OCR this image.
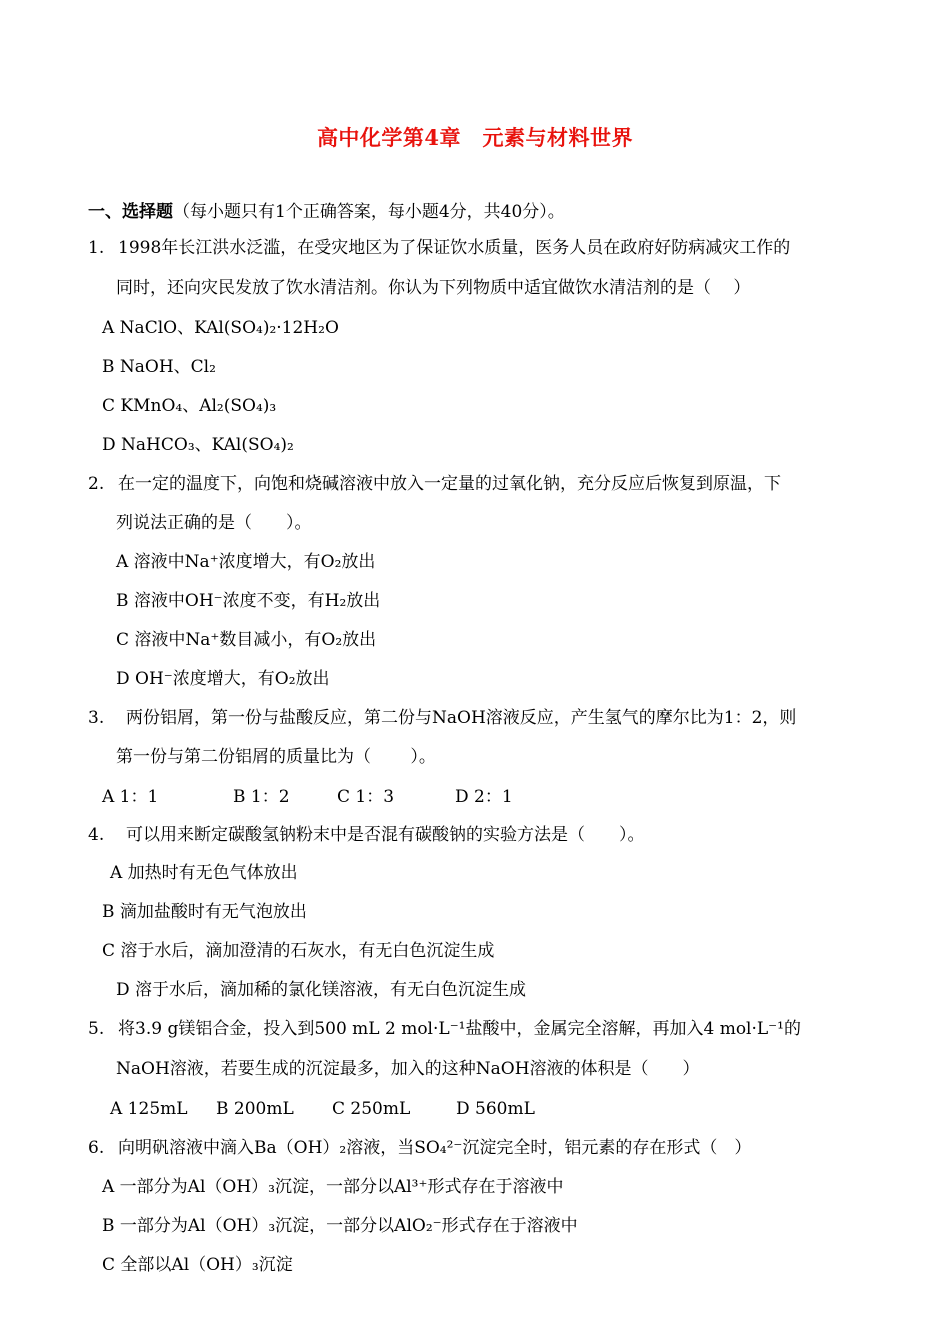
高中化学第4章　元素与材料世界
一、选择题（每小题只有1个正确答案，每小题4分，共40分）。
1. 1998年长江洪水泛滥，在受灾地区为了保证饮水质量，医务人员在政府好防病减灾工作的
同时，还向灾民发放了饮水清洁剂。你认为下列物质中适宜做饮水清洁剂的是（　 ）
A NaClO、KAl(SO₄)₂·12H₂O
B NaOH、Cl₂
C KMnO₄、Al₂(SO₄)₃
D NaHCO₃、KAl(SO₄)₂
2. 在一定的温度下，向饱和烧碱溶液中放入一定量的过氧化钠，充分反应后恢复到原温，下
列说法正确的是（　　）。
A 溶液中Na⁺浓度增大，有O₂放出
B 溶液中OH⁻浓度不变，有H₂放出
C 溶液中Na⁺数目减小，有O₂放出
D OH⁻浓度增大，有O₂放出
3. 两份铝屑，第一份与盐酸反应，第二份与NaOH溶液反应，产生氢气的摩尔比为1：2，则
第一份与第二份铝屑的质量比为（　　 ）。
A 1：1	B 1：2	C 1：3	D 2：1
4. 可以用来断定碳酸氢钠粉末中是否混有碳酸钠的实验方法是（　　）。
A 加热时有无色气体放出
B 滴加盐酸时有无气泡放出
C 溶于水后，滴加澄清的石灰水，有无白色沉淀生成
D 溶于水后，滴加稀的氯化镁溶液，有无白色沉淀生成
5. 将3.9 g镁铝合金，投入到500 mL 2 mol·L⁻¹盐酸中，金属完全溶解，再加入4 mol·L⁻¹的
NaOH溶液，若要生成的沉淀最多，加入的这种NaOH溶液的体积是（　　）
A 125mL B 200mL C 250mL	D 560mL
6. 向明矾溶液中滴入Ba（OH）₂溶液，当SO₄²⁻沉淀完全时，铝元素的存在形式（　）
A 一部分为Al（OH）₃沉淀，一部分以Al³⁺形式存在于溶液中
B 一部分为Al（OH）₃沉淀，一部分以AlO₂⁻形式存在于溶液中
C 全部以Al（OH）₃沉淀
